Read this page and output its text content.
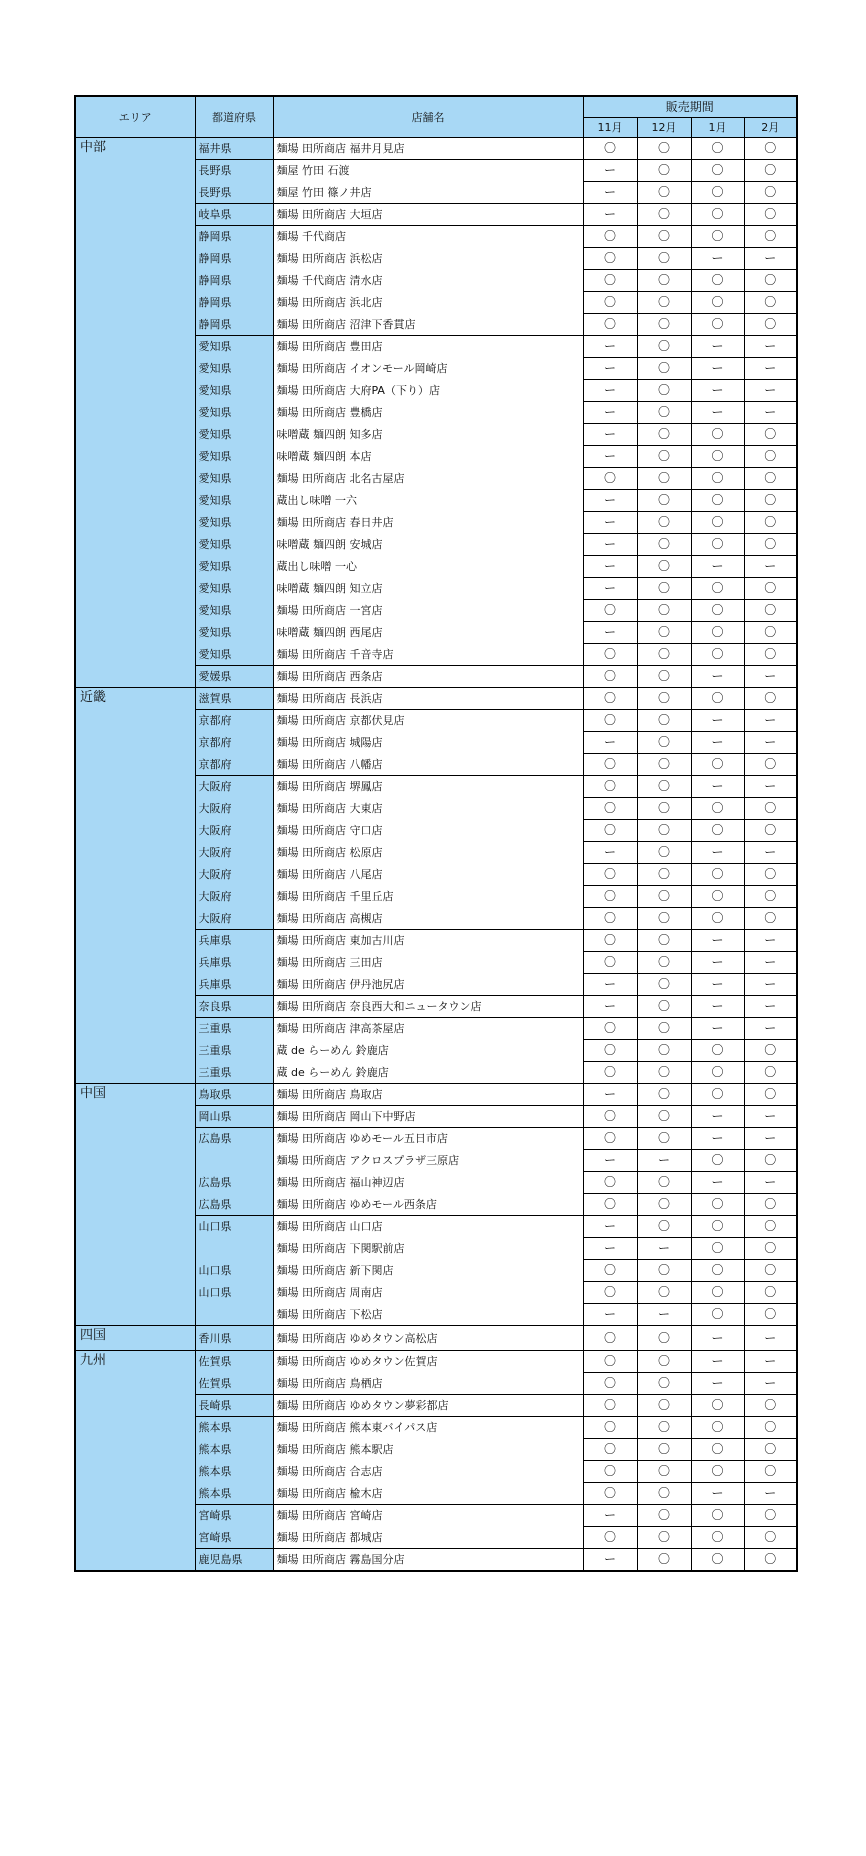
エリア	都道府県	店舗名	販売期間			
			11月	12月	1月	2月
中部	福井県	麺場 田所商店 福井月見店	〇	〇	〇	〇
	長野県	麺屋 竹田 石渡	ー	〇	〇	〇
	長野県	麺屋 竹田 篠ノ井店	ー	〇	〇	〇
	岐阜県	麺場 田所商店 大垣店	ー	〇	〇	〇
	静岡県	麺場 千代商店	〇	〇	〇	〇
	静岡県	麺場 田所商店 浜松店	〇	〇	ー	ー
	静岡県	麺場 千代商店 清水店	〇	〇	〇	〇
	静岡県	麺場 田所商店 浜北店	〇	〇	〇	〇
	静岡県	麺場 田所商店 沼津下香貫店	〇	〇	〇	〇
	愛知県	麺場 田所商店 豊田店	ー	〇	ー	ー
	愛知県	麺場 田所商店 イオンモール岡崎店	ー	〇	ー	ー
	愛知県	麺場 田所商店 大府PA（下り）店	ー	〇	ー	ー
	愛知県	麺場 田所商店 豊橋店	ー	〇	ー	ー
	愛知県	味噌蔵 麺四朗 知多店	ー	〇	〇	〇
	愛知県	味噌蔵 麺四朗 本店	ー	〇	〇	〇
	愛知県	麺場 田所商店 北名古屋店	〇	〇	〇	〇
	愛知県	蔵出し味噌 一六	ー	〇	〇	〇
	愛知県	麺場 田所商店 春日井店	ー	〇	〇	〇
	愛知県	味噌蔵 麺四朗 安城店	ー	〇	〇	〇
	愛知県	蔵出し味噌 一心	ー	〇	ー	ー
	愛知県	味噌蔵 麺四朗 知立店	ー	〇	〇	〇
	愛知県	麺場 田所商店 一宮店	〇	〇	〇	〇
	愛知県	味噌蔵 麺四朗 西尾店	ー	〇	〇	〇
	愛知県	麺場 田所商店 千音寺店	〇	〇	〇	〇
	愛媛県	麺場 田所商店 西条店	〇	〇	ー	ー
近畿	滋賀県	麺場 田所商店 長浜店	〇	〇	〇	〇
	京都府	麺場 田所商店 京都伏見店	〇	〇	ー	ー
	京都府	麺場 田所商店 城陽店	ー	〇	ー	ー
	京都府	麺場 田所商店 八幡店	〇	〇	〇	〇
	大阪府	麺場 田所商店 堺鳳店	〇	〇	ー	ー
	大阪府	麺場 田所商店 大東店	〇	〇	〇	〇
	大阪府	麺場 田所商店 守口店	〇	〇	〇	〇
	大阪府	麺場 田所商店 松原店	ー	〇	ー	ー
	大阪府	麺場 田所商店 八尾店	〇	〇	〇	〇
	大阪府	麺場 田所商店 千里丘店	〇	〇	〇	〇
	大阪府	麺場 田所商店 高槻店	〇	〇	〇	〇
	兵庫県	麺場 田所商店 東加古川店	〇	〇	ー	ー
	兵庫県	麺場 田所商店 三田店	〇	〇	ー	ー
	兵庫県	麺場 田所商店 伊丹池尻店	ー	〇	ー	ー
	奈良県	麺場 田所商店 奈良西大和ニュータウン店	ー	〇	ー	ー
	三重県	麺場 田所商店 津高茶屋店	〇	〇	ー	ー
	三重県	蔵 de らーめん 鈴鹿店	〇	〇	〇	〇
	三重県	蔵 de らーめん 鈴鹿店	〇	〇	〇	〇
中国	鳥取県	麺場 田所商店 鳥取店	ー	〇	〇	〇
	岡山県	麺場 田所商店 岡山下中野店	〇	〇	ー	ー
	広島県	麺場 田所商店 ゆめモール五日市店	〇	〇	ー	ー
		麺場 田所商店 アクロスプラザ三原店	ー	ー	〇	〇
	広島県	麺場 田所商店 福山神辺店	〇	〇	ー	ー
	広島県	麺場 田所商店 ゆめモール西条店	〇	〇	〇	〇
	山口県	麺場 田所商店 山口店	ー	〇	〇	〇
		麺場 田所商店 下関駅前店	ー	ー	〇	〇
	山口県	麺場 田所商店 新下関店	〇	〇	〇	〇
	山口県	麺場 田所商店 周南店	〇	〇	〇	〇
		麺場 田所商店 下松店	ー	ー	〇	〇
四国	香川県	麺場 田所商店 ゆめタウン高松店	〇	〇	ー	ー
九州	佐賀県	麺場 田所商店 ゆめタウン佐賀店	〇	〇	ー	ー
	佐賀県	麺場 田所商店 鳥栖店	〇	〇	ー	ー
	長崎県	麺場 田所商店 ゆめタウン夢彩都店	〇	〇	〇	〇
	熊本県	麺場 田所商店 熊本東バイパス店	〇	〇	〇	〇
	熊本県	麺場 田所商店 熊本駅店	〇	〇	〇	〇
	熊本県	麺場 田所商店 合志店	〇	〇	〇	〇
	熊本県	麺場 田所商店 楡木店	〇	〇	ー	ー
	宮崎県	麺場 田所商店 宮崎店	ー	〇	〇	〇
	宮崎県	麺場 田所商店 都城店	〇	〇	〇	〇
	鹿児島県	麺場 田所商店 霧島国分店	ー	〇	〇	〇
